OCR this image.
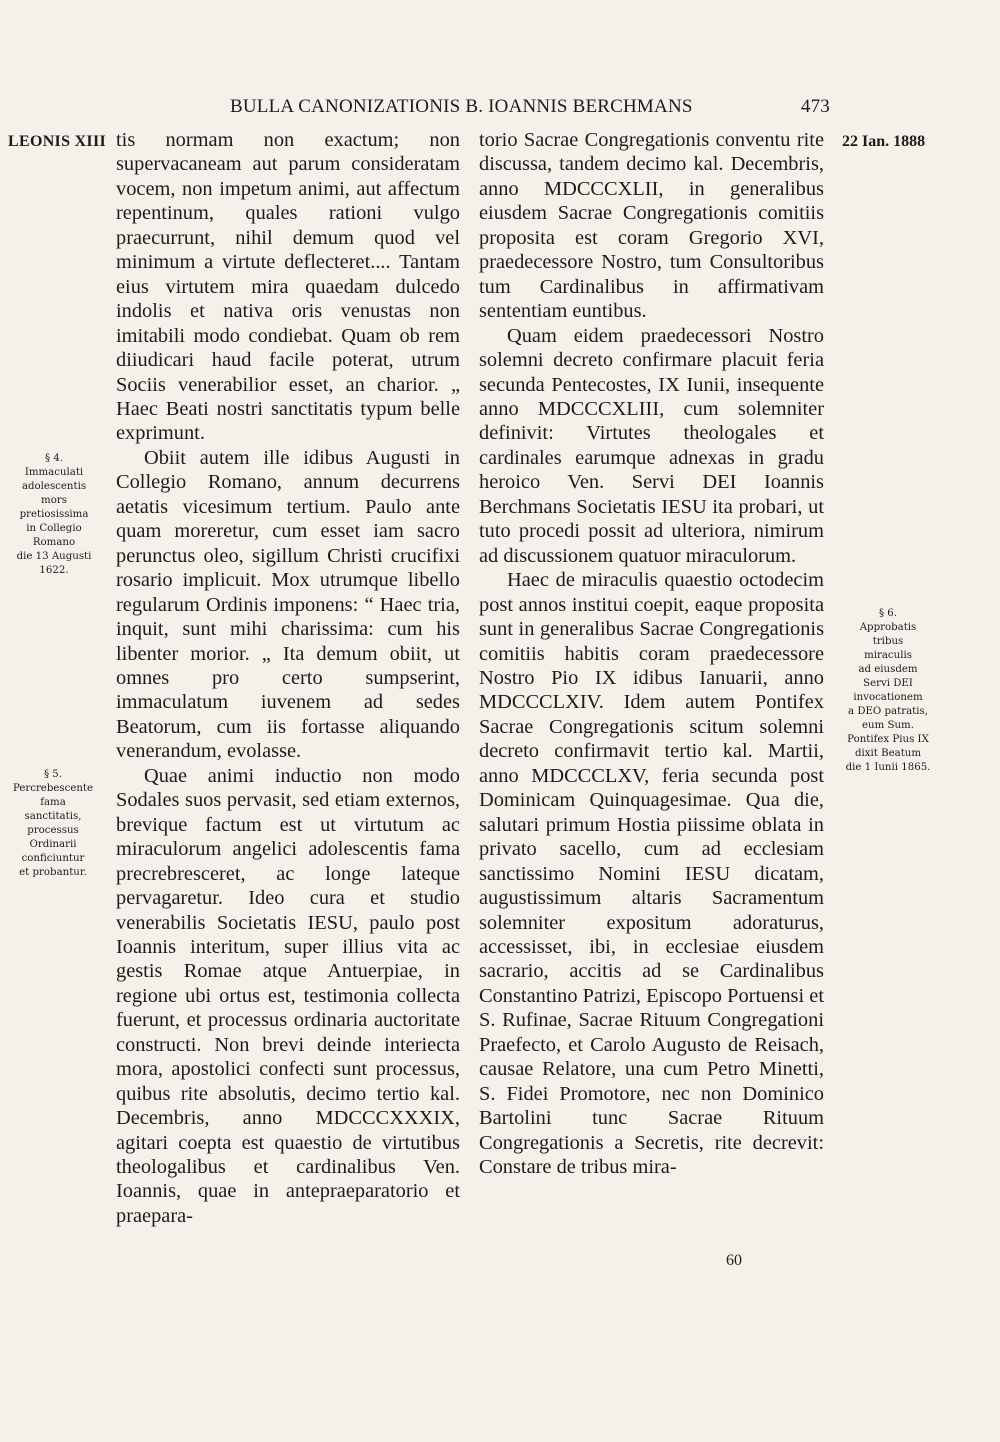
BULLA CANONIZATIONIS B. IOANNIS BERCHMANS	473
LEONIS XIII	22 Ian. 1888
§ 4.
Immaculati
adolescentis
mors
pretiosissima
in Collegio
Romano
die 13 Augusti
1622.
§ 5.
Percrebescente
fama
sanctitatis,
processus
Ordinarii
conficiuntur
et probantur.
§ 6.
Approbatis
tribus
miraculis
ad eiusdem
Servi DEI
invocationem
a DEO patratis,
eum Sum.
Pontifex Pius IX
dixit Beatum
die 1 Iunii 1865.

tis normam non exactum; non supervacaneam aut parum consideratam vocem, non impetum animi, aut affectum repentinum, quales rationi vulgo praecurrunt, nihil demum quod vel minimum a virtute deflecteret.... Tantam eius virtutem mira quaedam dulcedo indolis et nativa oris venustas non imitabili modo condiebat. Quam ob rem diiudicari haud facile poterat, utrum Sociis venerabilior esset, an charior. „ Haec Beati nostri sanctitatis typum belle exprimunt.

Obiit autem ille idibus Augusti in Collegio Romano, annum decurrens aetatis vicesimum tertium. Paulo ante quam moreretur, cum esset iam sacro perunctus oleo, sigillum Christi crucifixi rosario implicuit. Mox utrumque libello regularum Ordinis imponens: “ Haec tria, inquit, sunt mihi charissima: cum his libenter morior. „ Ita demum obiit, ut omnes pro certo sumpserint, immaculatum iuvenem ad sedes Beatorum, cum iis fortasse aliquando venerandum, evolasse.

Quae animi inductio non modo Sodales suos pervasit, sed etiam externos, brevique factum est ut virtutum ac miraculorum angelici adolescentis fama precrebresceret, ac longe lateque pervagaretur. Ideo cura et studio venerabilis Societatis IESU, paulo post Ioannis interitum, super illius vita ac gestis Romae atque Antuerpiae, in regione ubi ortus est, testimonia collecta fuerunt, et processus ordinaria auctoritate constructi. Non brevi deinde interiecta mora, apostolici confecti sunt processus, quibus rite absolutis, decimo tertio kal. Decembris, anno MDCCCXXXIX, agitari coepta est quaestio de virtutibus theologalibus et cardinalibus Ven. Ioannis, quae in antepraeparatorio et praepara-

torio Sacrae Congregationis conventu rite discussa, tandem decimo kal. Decembris, anno MDCCCXLII, in generalibus eiusdem Sacrae Congregationis comitiis proposita est coram Gregorio XVI, praedecessore Nostro, tum Consultoribus tum Cardinalibus in affirmativam sententiam euntibus.

Quam eidem praedecessori Nostro solemni decreto confirmare placuit feria secunda Pentecostes, IX Iunii, insequente anno MDCCCXLIII, cum solemniter definivit: Virtutes theologales et cardinales earumque adnexas in gradu heroico Ven. Servi DEI Ioannis Berchmans Societatis IESU ita probari, ut tuto procedi possit ad ulteriora, nimirum ad discussionem quatuor miraculorum.

Haec de miraculis quaestio octodecim post annos institui coepit, eaque proposita sunt in generalibus Sacrae Congregationis comitiis habitis coram praedecessore Nostro Pio IX idibus Ianuarii, anno MDCCCLXIV. Idem autem Pontifex Sacrae Congregationis scitum solemni decreto confirmavit tertio kal. Martii, anno MDCCCLXV, feria secunda post Dominicam Quinquagesimae. Qua die, salutari primum Hostia piissime oblata in privato sacello, cum ad ecclesiam sanctissimo Nomini IESU dicatam, augustissimum altaris Sacramentum solemniter expositum adoraturus, accessisset, ibi, in ecclesiae eiusdem sacrario, accitis ad se Cardinalibus Constantino Patrizi, Episcopo Portuensi et S. Rufinae, Sacrae Rituum Congregationi Praefecto, et Carolo Augusto de Reisach, causae Relatore, una cum Petro Minetti, S. Fidei Promotore, nec non Dominico Bartolini tunc Sacrae Rituum Congregationis a Secretis, rite decrevit: Constare de tribus mira-

60
